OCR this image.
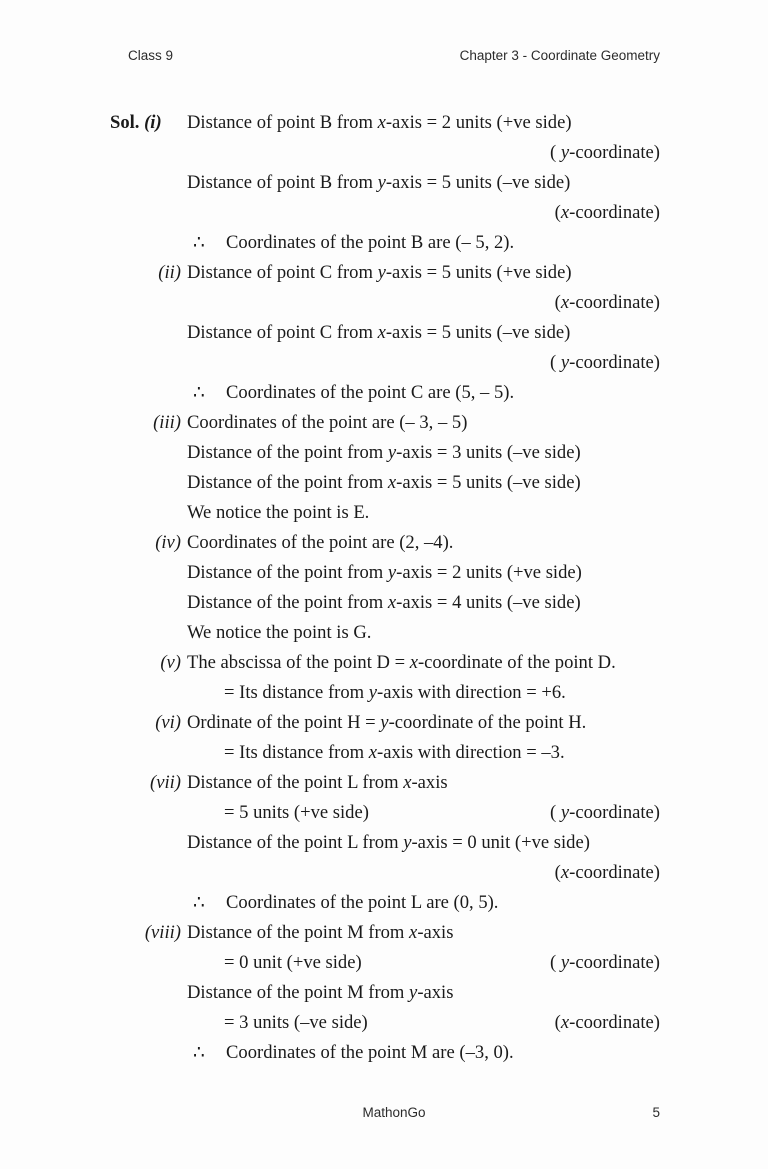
Class 9	Chapter 3 - Coordinate Geometry
Sol. (i)	Distance of point B from x-axis = 2 units (+ve side)

( y-coordinate)

Distance of point B from y-axis = 5 units (–ve side)

(x-coordinate)

∴ Coordinates of the point B are (– 5, 2).
(ii) Distance of point C from y-axis = 5 units (+ve side)

(x-coordinate)

Distance of point C from x-axis = 5 units (–ve side)

( y-coordinate)

∴ Coordinates of the point C are (5, – 5).
(iii) Coordinates of the point are (– 3, – 5)

Distance of the point from y-axis = 3 units (–ve side)

Distance of the point from x-axis = 5 units (–ve side)

We notice the point is E.
(iv) Coordinates of the point are (2, –4).

Distance of the point from y-axis = 2 units (+ve side)

Distance of the point from x-axis = 4 units (–ve side)

We notice the point is G.
(v) The abscissa of the point D = x-coordinate of the point D.

= Its distance from y-axis with direction = +6.
(vi) Ordinate of the point H = y-coordinate of the point H.

= Its distance from x-axis with direction = –3.
(vii) Distance of the point L from x-axis

= 5 units (+ve side)	( y-coordinate)

Distance of the point L from y-axis = 0 unit (+ve side)

(x-coordinate)

∴ Coordinates of the point L are (0, 5).
(viii) Distance of the point M from x-axis

= 0 unit (+ve side)	( y-coordinate)

Distance of the point M from y-axis

= 3 units (–ve side)	(x-coordinate)

∴ Coordinates of the point M are (–3, 0).
MathonGo	5
